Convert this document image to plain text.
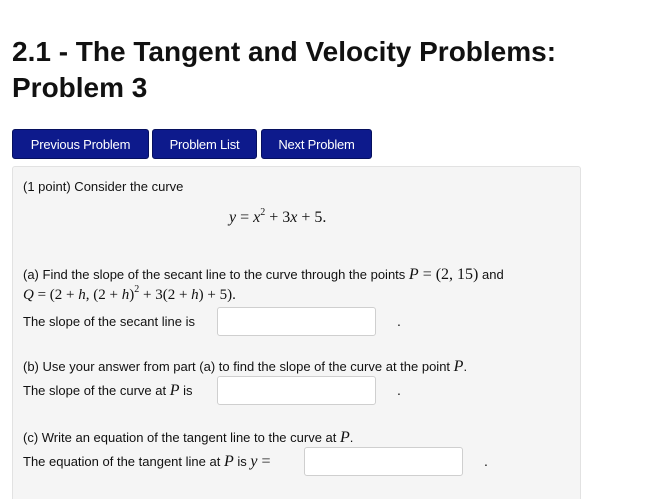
2.1 - The Tangent and Velocity Problems: Problem 3
Previous Problem	Problem List	Next Problem
(1 point) Consider the curve
$y = x^2 + 3x + 5$.
(a) Find the slope of the secant line to the curve through the points P = (2, 15) and
Q = (2 + h, $(2 + h)^2 + 3(2 + h) + 5$).
The slope of the secant line is	.
(b) Use your answer from part (a) to find the slope of the curve at the point P.
The slope of the curve at P is	.
(c) Write an equation of the tangent line to the curve at P.
The equation of the tangent line at P is y =	.
